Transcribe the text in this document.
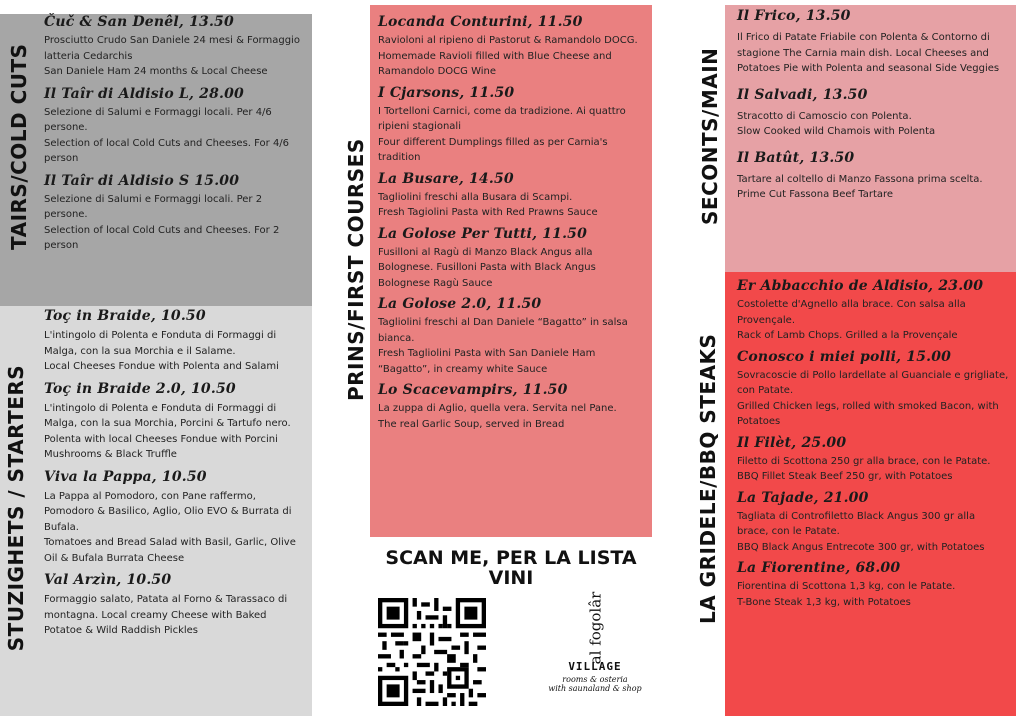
TAIRS/COLD CUTS
Čuč & San Denêl, 13.50
Prosciutto Crudo San Daniele 24 mesi & Formaggio latteria Cedarchis
San Daniele Ham 24 months & Local Cheese
Il Taîr di Aldisio L, 28.00
Selezione di Salumi e Formaggi locali. Per 4/6 persone.
Selection of local Cold Cuts and Cheeses. For 4/6 person
Il Taîr di Aldisio S 15.00
Selezione di Salumi e Formaggi locali. Per 2 persone.
Selection of local Cold Cuts and Cheeses. For 2 person
STUZIGHETS / STARTERS
Toç in Braide, 10.50
L'intingolo di Polenta e Fonduta di Formaggi di Malga, con la sua Morchia e il Salame.
Local Cheeses Fondue with Polenta and Salami
Toç in Braide 2.0, 10.50
L'intingolo di Polenta e Fonduta di Formaggi di Malga, con la sua Morchia, Porcini & Tartufo nero.
Polenta with local Cheeses Fondue with Porcini Mushrooms & Black Truffle
Viva la Pappa, 10.50
La Pappa al Pomodoro, con Pane raffermo, Pomodoro & Basilico, Aglio, Olio EVO & Burrata di Bufala.
Tomatoes and Bread Salad with Basil, Garlic, Olive Oil & Bufala Burrata Cheese
Val Arzìn, 10.50
Formaggio salato, Patata al Forno & Tarassaco di montagna. Local creamy Cheese with Baked Potatoe & Wild Raddish Pickles
PRINS/FIRST COURSES
Locanda Conturini, 11.50
Ravioloni al ripieno di Pastorut & Ramandolo DOCG.
Homemade Ravioli filled with Blue Cheese and Ramandolo DOCG Wine
I Cjarsons, 11.50
I Tortelloni Carnici, come da tradizione. Ai quattro ripieni stagionali
Four different Dumplings filled as per Carnia's tradition
La Busare, 14.50
Tagliolini freschi alla Busara di Scampi.
Fresh Tagiolini Pasta with Red Prawns Sauce
La Golose Per Tutti, 11.50
Fusilloni al Ragù di Manzo Black Angus alla Bolognese. Fusilloni Pasta with Black Angus Bolognese Ragù Sauce
La Golose 2.0, 11.50
Tagliolini freschi al Dan Daniele “Bagatto” in salsa bianca.
Fresh Tagliolini Pasta with San Daniele Ham “Bagatto”, in creamy white Sauce
Lo Scacevampirs, 11.50
La zuppa di Aglio, quella vera. Servita nel Pane.
The real Garlic Soup, served in Bread
SCAN ME, PER LA LISTA VINI
al fogolâr
VILLAGE
rooms & osteria
with saunaland & shop
SECONTS/MAIN
Il Frico, 13.50
Il Frico di Patate Friabile con Polenta & Contorno di stagione The Carnia main dish. Local Cheeses and Potatoes Pie with Polenta and seasonal Side Veggies
Il Salvadi, 13.50
Stracotto di Camoscio con Polenta.
Slow Cooked wild Chamois with Polenta
Il Batût, 13.50
Tartare al coltello di Manzo Fassona prima scelta.
Prime Cut Fassona Beef Tartare
LA GRIDELE/BBQ STEAKS
Er Abbacchio de Aldisio, 23.00
Costolette d'Agnello alla brace. Con salsa alla Provençale.
Rack of Lamb Chops. Grilled a la Provençale
Conosco i miei polli, 15.00
Sovracoscie di Pollo lardellate al Guanciale e grigliate, con Patate.
Grilled Chicken legs, rolled with smoked Bacon, with Potatoes
Il Filèt, 25.00
Filetto di Scottona 250 gr alla brace, con le Patate.
BBQ Fillet Steak Beef 250 gr, with Potatoes
La Tajade, 21.00
Tagliata di Controfiletto Black Angus 300 gr alla brace, con le Patate.
BBQ Black Angus Entrecote 300 gr, with Potatoes
La Fiorentine, 68.00
Fiorentina di Scottona 1,3 kg, con le Patate.
T-Bone Steak 1,3 kg, with Potatoes
